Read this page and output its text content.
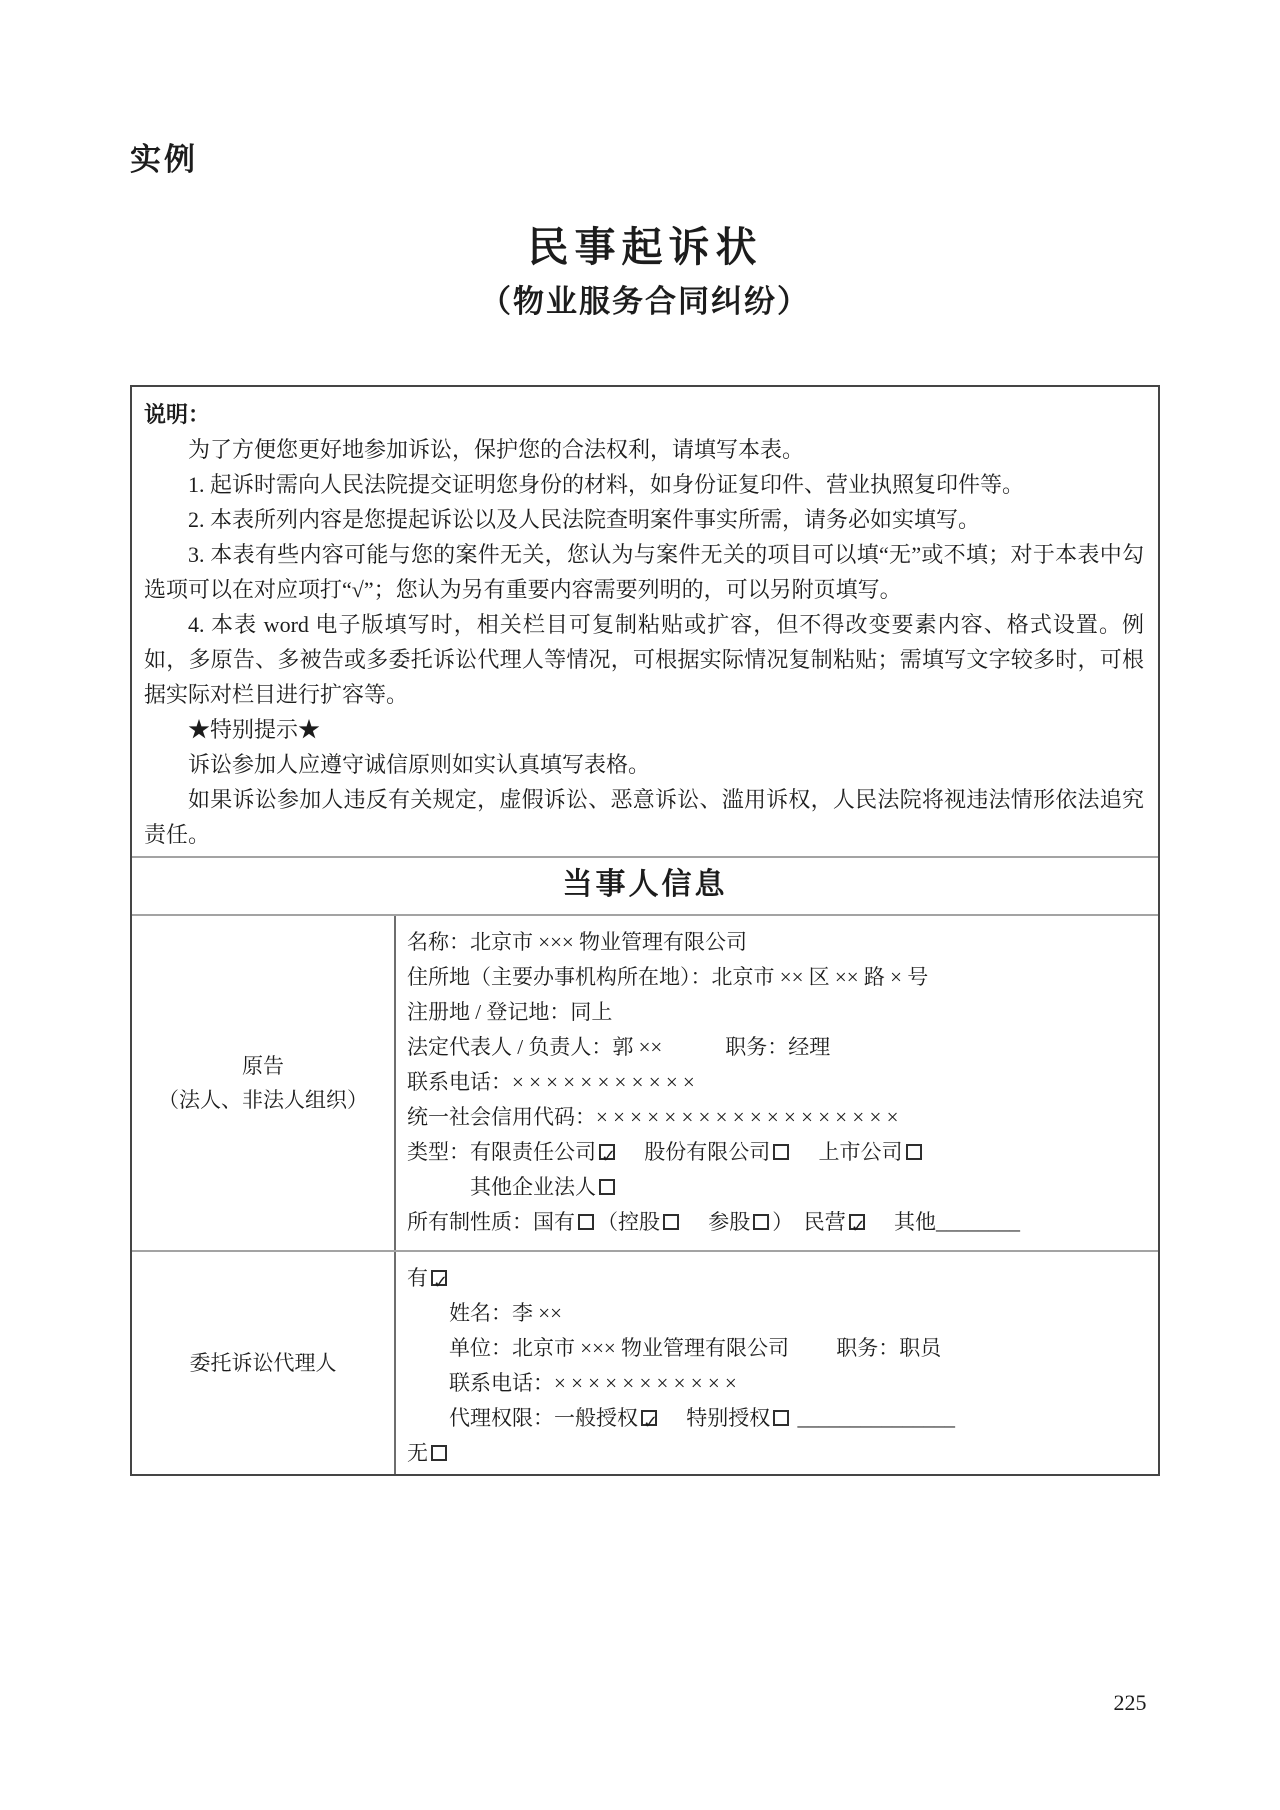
实例
民事起诉状
（物业服务合同纠纷）
说明：
为了方便您更好地参加诉讼，保护您的合法权利，请填写本表。
1. 起诉时需向人民法院提交证明您身份的材料，如身份证复印件、营业执照复印件等。
2. 本表所列内容是您提起诉讼以及人民法院查明案件事实所需，请务必如实填写。
3. 本表有些内容可能与您的案件无关，您认为与案件无关的项目可以填“无”或不填；对于本表中勾选项可以在对应项打“√”；您认为另有重要内容需要列明的，可以另附页填写。
4. 本表 word 电子版填写时，相关栏目可复制粘贴或扩容，但不得改变要素内容、格式设置。例如，多原告、多被告或多委托诉讼代理人等情况，可根据实际情况复制粘贴；需填写文字较多时，可根据实际对栏目进行扩容等。
★特别提示★
诉讼参加人应遵守诚信原则如实认真填写表格。
如果诉讼参加人违反有关规定，虚假诉讼、恶意诉讼、滥用诉权，人民法院将视违法情形依法追究责任。
当事人信息
原告
（法人、非法人组织）
名称：北京市 ××× 物业管理有限公司
住所地（主要办事机构所在地）：北京市 ×× 区 ×× 路 × 号
注册地 / 登记地：同上
法定代表人 / 负责人：郭 ××　　　职务：经理
联系电话：× × × × × × × × × × ×
统一社会信用代码：× × × × × × × × × × × × × × × × × ×
类型：有限责任公司 ✓　 股份有限公司　 上市公司
　　　其他企业法人
所有制性质：国有 （控股　 参股 ）　民营 ✓　 其他________
委托诉讼代理人
有 ✓
　　姓名：李 ××
　　单位：北京市 ××× 物业管理有限公司　　 职务：职员
　　联系电话：× × × × × × × × × × ×
　　代理权限：一般授权 ✓　 特别授权 _______________
无
225
